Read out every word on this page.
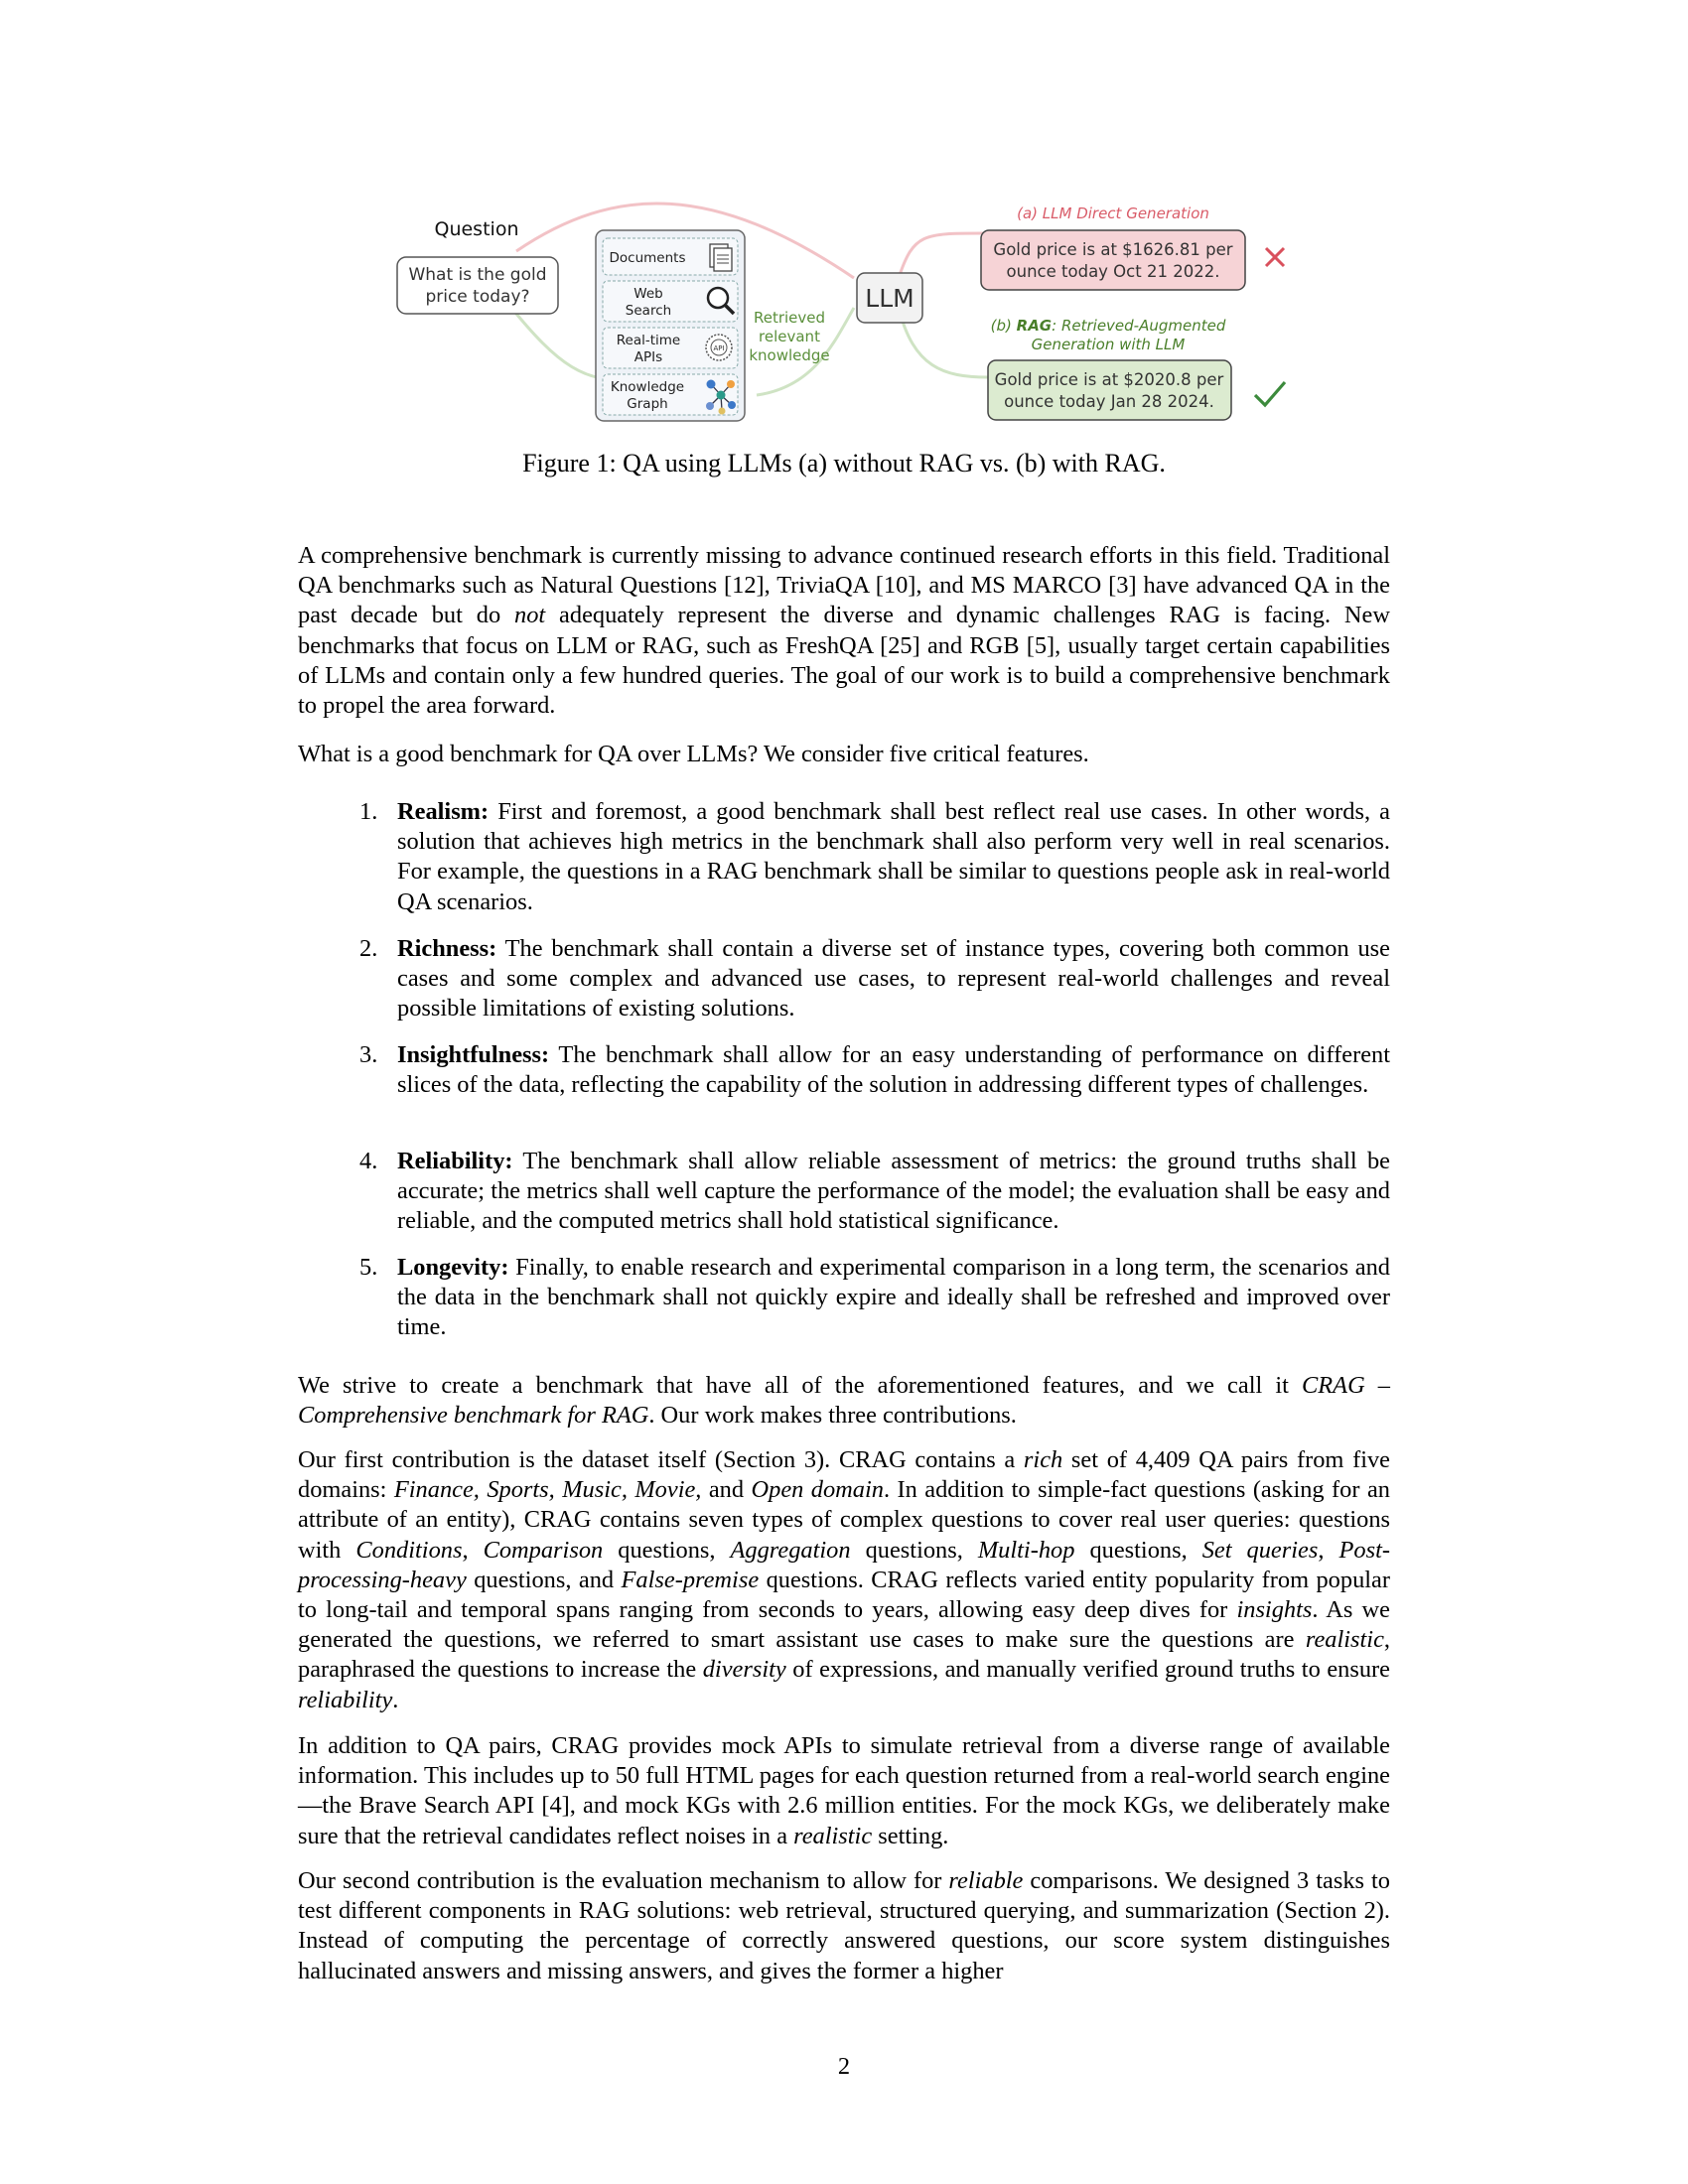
Question
What is the gold
price today?
Documents
Web
Search
Real-time
APIs
API
Knowledge
Graph
Retrieved
relevant
knowledge
LLM
(a) LLM Direct Generation
Gold price is at $1626.81 per
ounce today Oct 21 2022.
(b) RAG: Retrieved-Augmented
Generation with LLM
Gold price is at $2020.8 per
ounce today Jan 28 2024.
Figure 1: QA using LLMs (a) without RAG vs. (b) with RAG.

A comprehensive benchmark is currently missing to advance continued research efforts in this field. Traditional QA benchmarks such as Natural Questions [12], TriviaQA [10], and MS MARCO [3] have advanced QA in the past decade but do not adequately represent the diverse and dynamic challenges RAG is facing. New benchmarks that focus on LLM or RAG, such as FreshQA [25] and RGB [5], usually target certain capabilities of LLMs and contain only a few hundred queries. The goal of our work is to build a comprehensive benchmark to propel the area forward.

What is a good benchmark for QA over LLMs? We consider five critical features.

1. Realism: First and foremost, a good benchmark shall best reflect real use cases. In other words, a solution that achieves high metrics in the benchmark shall also perform very well in real scenarios. For example, the questions in a RAG benchmark shall be similar to questions people ask in real-world QA scenarios.
2. Richness: The benchmark shall contain a diverse set of instance types, covering both common use cases and some complex and advanced use cases, to represent real-world challenges and reveal possible limitations of existing solutions.
3. Insightfulness: The benchmark shall allow for an easy understanding of performance on different slices of the data, reflecting the capability of the solution in addressing different types of challenges.
4. Reliability: The benchmark shall allow reliable assessment of metrics: the ground truths shall be accurate; the metrics shall well capture the performance of the model; the evaluation shall be easy and reliable, and the computed metrics shall hold statistical significance.
5. Longevity: Finally, to enable research and experimental comparison in a long term, the scenarios and the data in the benchmark shall not quickly expire and ideally shall be refreshed and improved over time.

We strive to create a benchmark that have all of the aforementioned features, and we call it CRAG – Comprehensive benchmark for RAG. Our work makes three contributions.

Our first contribution is the dataset itself (Section 3). CRAG contains a rich set of 4,409 QA pairs from five domains: Finance, Sports, Music, Movie, and Open domain. In addition to simple-fact questions (asking for an attribute of an entity), CRAG contains seven types of complex questions to cover real user queries: questions with Conditions, Comparison questions, Aggregation questions, Multi-hop questions, Set queries, Post-processing-heavy questions, and False-premise questions. CRAG reflects varied entity popularity from popular to long-tail and temporal spans ranging from seconds to years, allowing easy deep dives for insights. As we generated the questions, we referred to smart assistant use cases to make sure the questions are realistic, paraphrased the questions to increase the diversity of expressions, and manually verified ground truths to ensure reliability.

In addition to QA pairs, CRAG provides mock APIs to simulate retrieval from a diverse range of available information. This includes up to 50 full HTML pages for each question returned from a real-world search engine—the Brave Search API [4], and mock KGs with 2.6 million entities. For the mock KGs, we deliberately make sure that the retrieval candidates reflect noises in a realistic setting.

Our second contribution is the evaluation mechanism to allow for reliable comparisons. We designed 3 tasks to test different components in RAG solutions: web retrieval, structured querying, and summarization (Section 2). Instead of computing the percentage of correctly answered questions, our score system distinguishes hallucinated answers and missing answers, and gives the former a higher

2
